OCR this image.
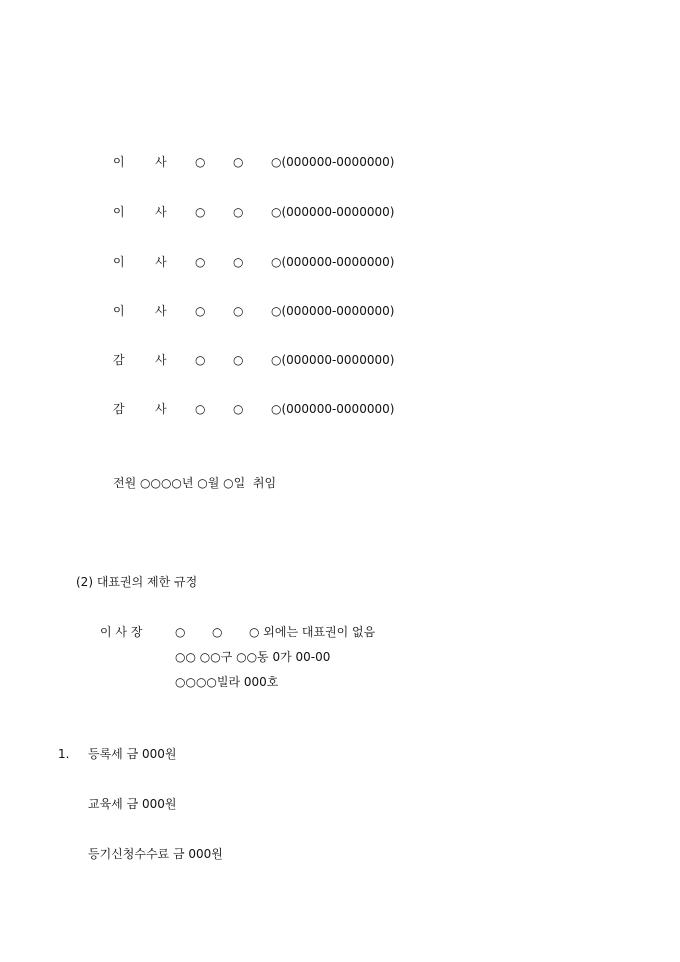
이	사 ○ ○ ○(000000-0000000)
이	사 ○ ○ ○(000000-0000000)
이	사 ○ ○ ○(000000-0000000)
이	사 ○ ○ ○(000000-0000000)
감	사 ○ ○ ○(000000-0000000)
감	사 ○ ○ ○(000000-0000000)
전원 ○○○○년 ○월 ○일  취임
(2) 대표권의 제한 규정
이 사 장	○ ○ ○ 외에는 대표권이 없음
○○ ○○구 ○○동 0가 00-00
○○○○빌라 000호
1. 등록세 금 000원
교육세 금 000원
등기신청수수료 금 000원
